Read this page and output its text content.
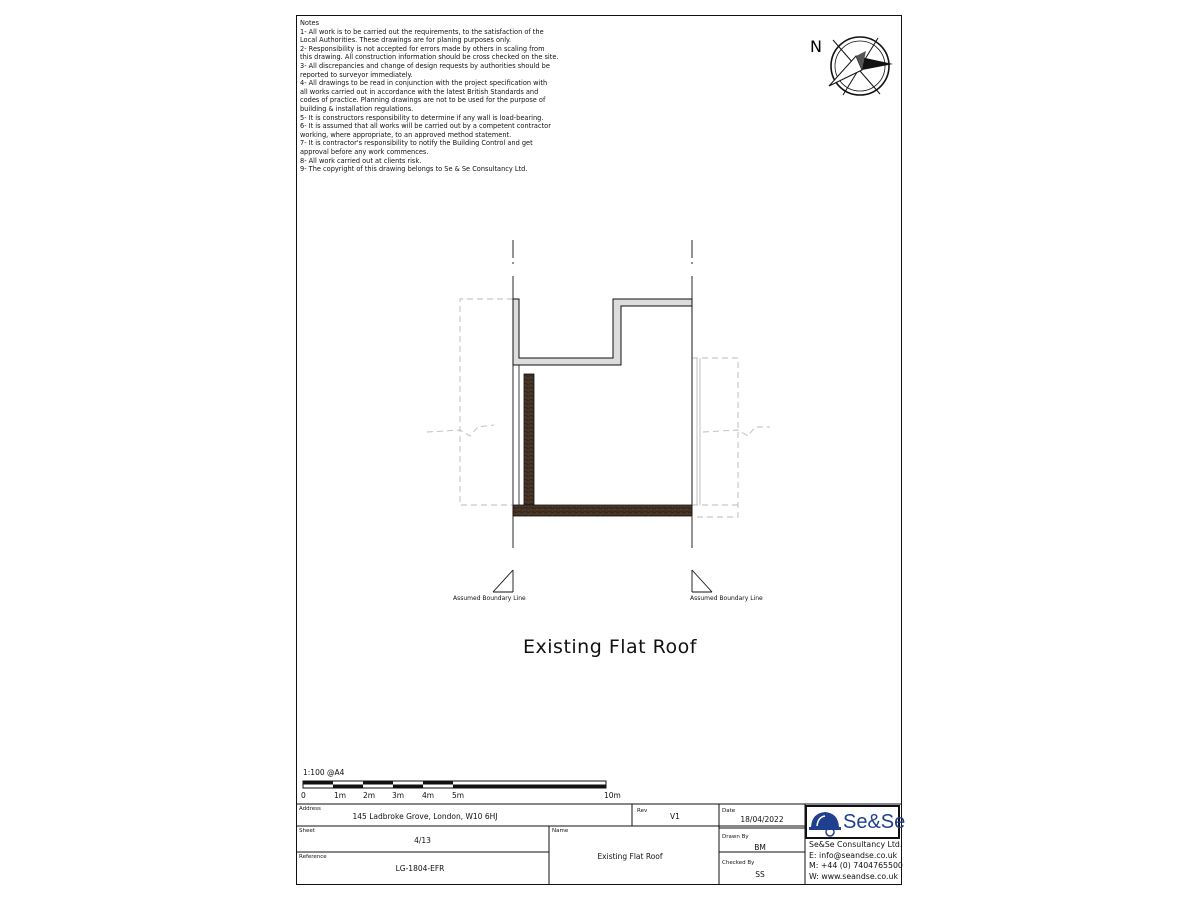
Notes
1- All work is to be carried out the requirements, to the satisfaction of the
Local Authorities. These drawings are for planing purposes only.
2- Responsibility is not accepted for errors made by others in scaling from
this drawing. All construction information should be cross checked on the site.
3- All discrepancies and change of design requests by authorities should be
reported to surveyor immediately.
4- All drawings to be read in conjunction with the project specification with
all works carried out in accordance with the latest British Standards and
codes of practice. Planning drawings are not to be used for the purpose of
building & installation regulations.
5- It is constructors responsibility to determine if any wall is load-bearing.
6- It is assumed that all works will be carried out by a competent contractor
working, where appropriate, to an approved method statement.
7- It is contractor's responsibility to notify the Building Control and get
approval before any work commences.
8- All work carried out at clients risk.
9- The copyright of this drawing belongs to Se & Se Consultancy Ltd.
N
Assumed Boundary Line	Assumed Boundary Line
Existing Flat Roof
1:100 @A4
0	1m 2m 3m 4m 5m	10m
Address
145 Ladbroke Grove, London, W10 6HJ
Rev
V1
Date
18/04/2022
Sheet
4/13
Name
Existing Flat Roof
Drawn By
BM
Reference
LG-1804-EFR
Checked By
SS
Se&Se
Se&Se Consultancy Ltd.
E: info@seandse.co.uk
M: +44 (0) 7404765500
W: www.seandse.co.uk
